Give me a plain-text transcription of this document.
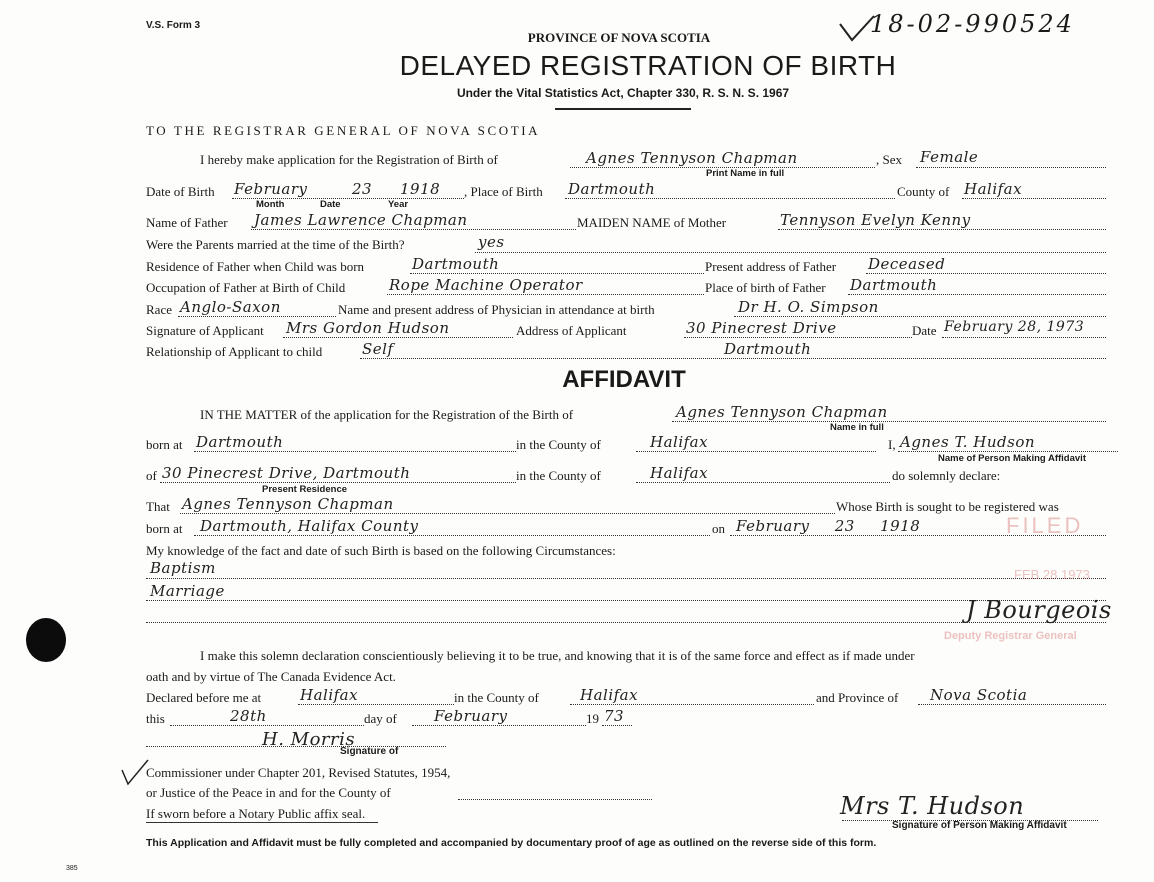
V.S. Form 3	18-02-990524
PROVINCE OF NOVA SCOTIA
DELAYED REGISTRATION OF BIRTH
Under the Vital Statistics Act, Chapter 330, R. S. N. S. 1967
TO THE REGISTRAR GENERAL OF NOVA SCOTIA
I hereby make application for the Registration of Birth of	Agnes Tennyson Chapman
Print Name in full
, Sex Female
Date of Birth February	23 1918
Month	Date	Year
, Place of Birth Dartmouth	County of Halifax
Name of Father James Lawrence Chapman	MAIDEN NAME of Mother	Tennyson Evelyn Kenny
Were the Parents married at the time of the Birth?	yes
Residence of Father when Child was born	Dartmouth	Present address of Father Deceased
Occupation of Father at Birth of Child	Rope Machine Operator	Place of birth of Father Dartmouth
Race Anglo-Saxon	Name and present address of Physician in attendance at birth	Dr H. O. Simpson
Signature of Applicant Mrs Gordon Hudson	Address of Applicant	30 Pinecrest Drive	Date February 28, 1973
Relationship of Applicant to child	Self	Dartmouth
AFFIDAVIT
IN THE MATTER of the application for the Registration of the Birth of	Agnes Tennyson Chapman
Name in full
born at Dartmouth	in the County of	Halifax	I, Agnes T. Hudson
Name of Person Making Affidavit
of 30 Pinecrest Drive, Dartmouth
Present Residence
in the County of	Halifax	do solemnly declare:
That Agnes Tennyson Chapman	Whose Birth is sought to be registered was
born at Dartmouth, Halifax County	on February 23 1918
My knowledge of the fact and date of such Birth is based on the following Circumstances:
Baptism
Marriage
FILED
FEB 28 1973
J Bourgeois
Deputy Registrar General
I make this solemn declaration conscientiously believing it to be true, and knowing that it is of the same force and effect as if made under
oath and by virtue of The Canada Evidence Act.
Declared before me at	Halifax	in the County of	Halifax	and Province of Nova Scotia
this	28th	day of February	19 73
H. Morris
Signature of
Commissioner under Chapter 201, Revised Statutes, 1954,
or Justice of the Peace in and for the County of
If sworn before a Notary Public affix seal.	Mrs T. Hudson
Signature of Person Making Affidavit
This Application and Affidavit must be fully completed and accompanied by documentary proof of age as outlined on the reverse side of this form.
385
